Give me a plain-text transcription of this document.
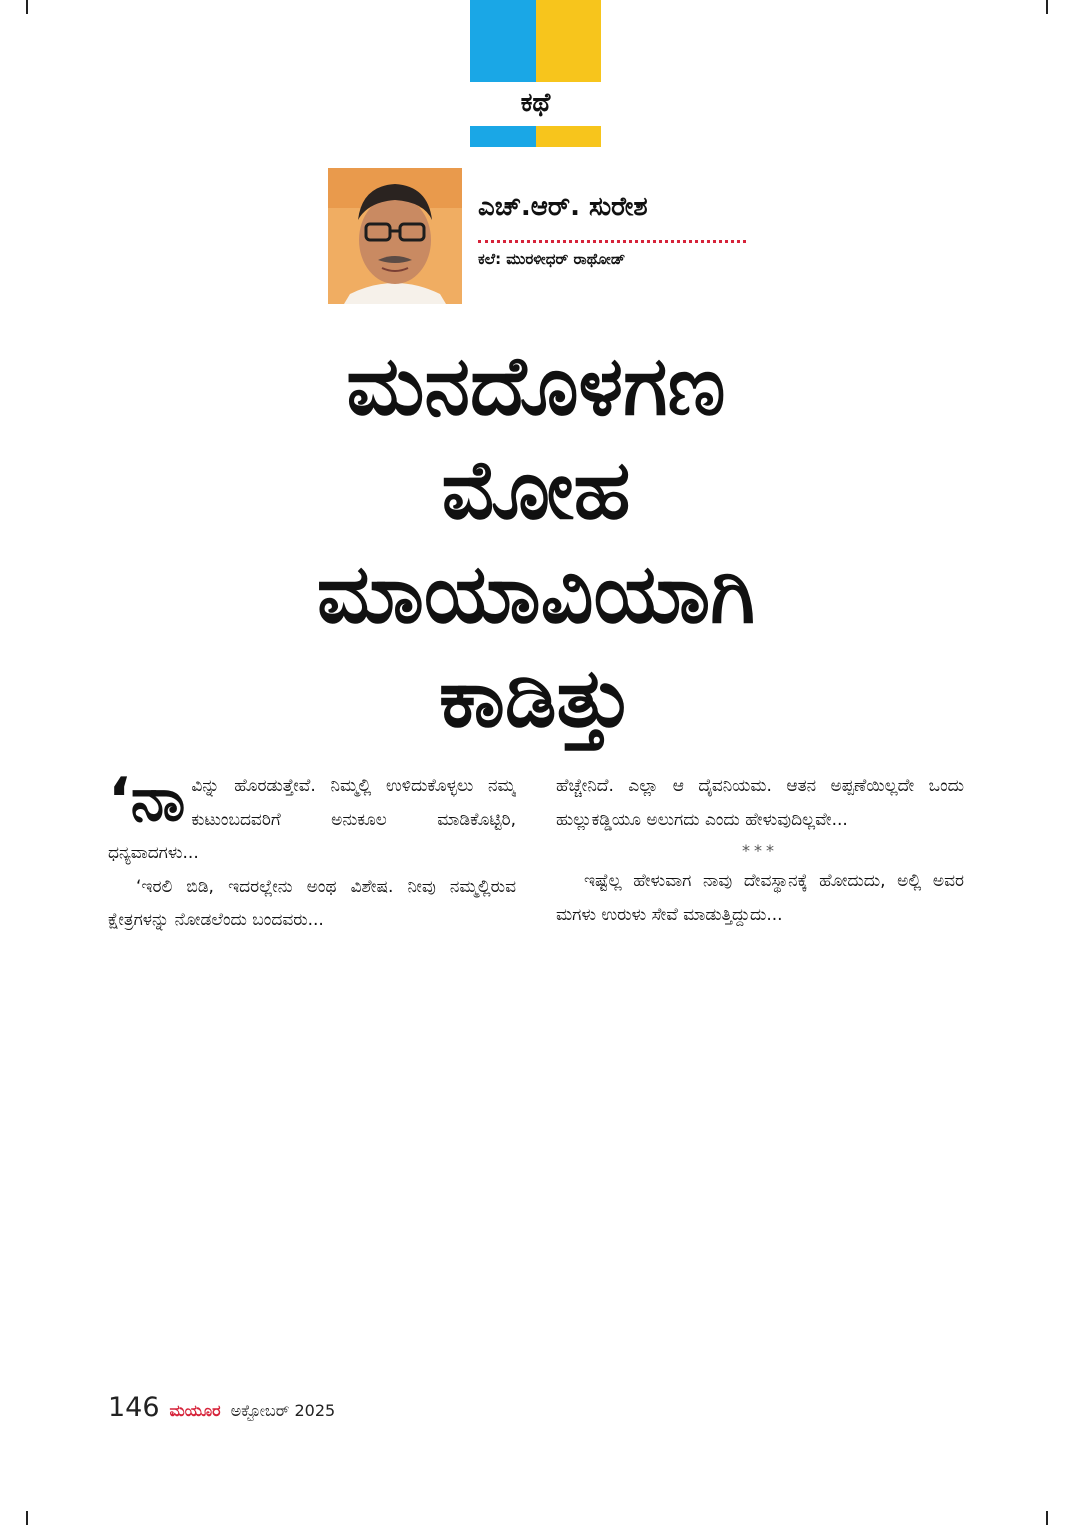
ಕಥೆ
ಎಚ್‌.ಆರ್‌. ಸುರೇಶ
ಕಲೆ: ಮುರಳೀಧರ್‌ ರಾಥೋಡ್‌
ಮನದೊಳಗಣ
ಮೋಹ
ಮಾಯಾವಿಯಾಗಿ
ಕಾಡಿತ್ತು
‘ನಾ ವಿನ್ನು ಹೊರಡುತ್ತೇವೆ. ನಿಮ್ಮಲ್ಲಿ ಉಳಿದುಕೊಳ್ಳಲು ನಮ್ಮ ಕುಟುಂಬದವರಿಗೆ ಅನುಕೂಲ ಮಾಡಿಕೊಟ್ಟಿರಿ, ಧನ್ಯವಾದಗಳು...

‘ಇರಲಿ ಬಿಡಿ, ಇದರಲ್ಲೇನು ಅಂಥ ವಿಶೇಷ. ನೀವು ನಮ್ಮಲ್ಲಿರುವ ಕ್ಷೇತ್ರಗಳನ್ನು ನೋಡಲೆಂದು ಬಂದವರು...

ಹೆಚ್ಚೇನಿದೆ. ಎಲ್ಲಾ ಆ ದೈವನಿಯಮ. ಆತನ ಅಪ್ಪಣೆಯಿಲ್ಲದೇ ಒಂದು ಹುಲ್ಲುಕಡ್ಡಿಯೂ ಅಲುಗದು ಎಂದು ಹೇಳುವುದಿಲ್ಲವೇ...

***

ಇಷ್ಟೆಲ್ಲ ಹೇಳುವಾಗ ನಾವು ದೇವಸ್ಥಾನಕ್ಕೆ ಹೋದುದು, ಅಲ್ಲಿ ಅವರ ಮಗಳು ಉರುಳು ಸೇವೆ ಮಾಡುತ್ತಿದ್ದುದು...

146 ಮಯೂರ ಅಕ್ಟೋಬರ್ 2025
